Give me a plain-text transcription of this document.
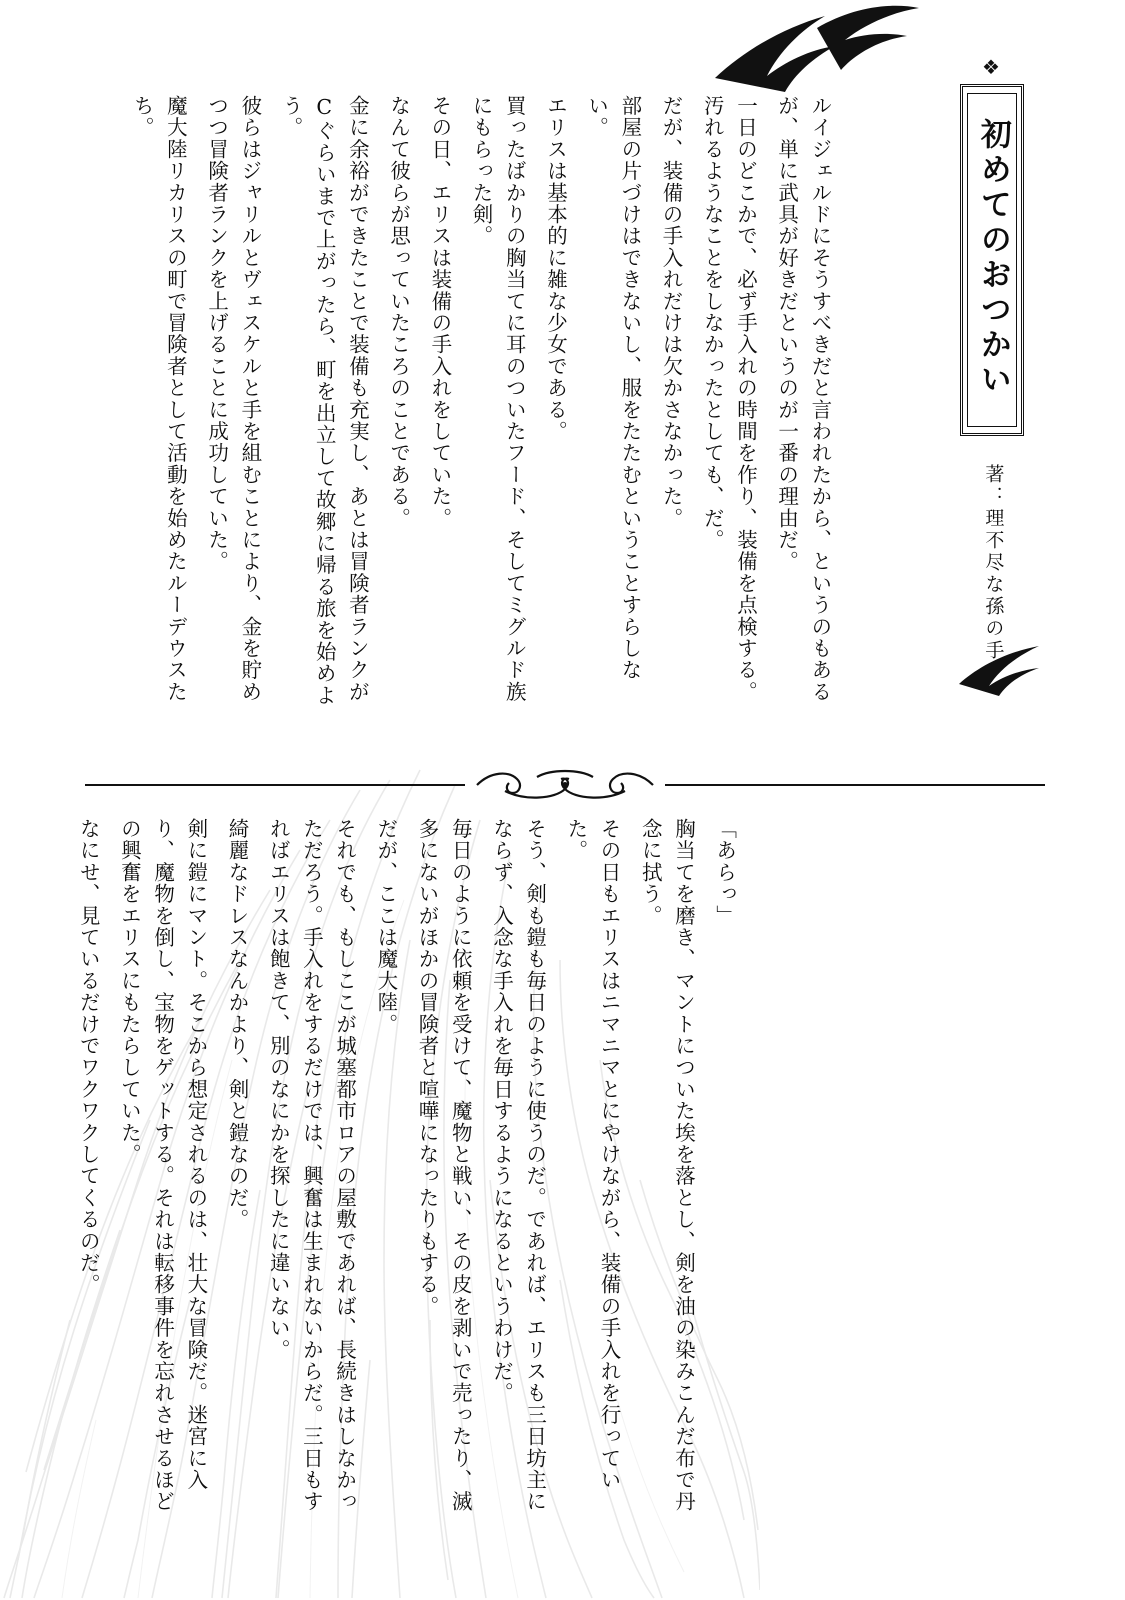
❖
初めてのおつかい
著：理不尽な孫の手
魔大陸リカリスの町で冒険者として活動を始めたルーデウスたち。	彼らはジャリルとヴェスケルと手を組むことにより、金を貯めつつ冒険者ランクを上げることに成功していた。	金に余裕ができたことで装備も充実し、あとは冒険者ランクがCぐらいまで上がったら、町を出立して故郷に帰る旅を始めよう。	なんて彼らが思っていたころのことである。 その日、エリスは装備の手入れをしていた。	買ったばかりの胸当てに耳のついたフード、そしてミグルド族にもらった剣。	エリスは基本的に雑な少女である。	部屋の片づけはできないし、服をたたむということすらしない。	だが、装備の手入れだけは欠かさなかった。	一日のどこかで、必ず手入れの時間を作り、装備を点検する。汚れるようなことをしなかったとしても、だ。	ルイジェルドにそうすべきだと言われたから、というのもあるが、単に武具が好きだというのが一番の理由だ。
なにせ、見ているだけでワクワクしてくるのだ。	剣に鎧にマント。そこから想定されるのは、壮大な冒険だ。迷宮に入り、魔物を倒し、宝物をゲットする。それは転移事件を忘れさせるほどの興奮をエリスにもたらしていた。	綺麗なドレスなんかより、剣と鎧なのだ。	それでも、もしここが城塞都市ロアの屋敷であれば、長続きはしなかっただろう。手入れをするだけでは、興奮は生まれないからだ。三日もすればエリスは飽きて、別のなにかを探したに違いない。	だが、ここは魔大陸。	毎日のように依頼を受けて、魔物と戦い、その皮を剥いで売ったり、滅多にないがほかの冒険者と喧嘩になったりもする。	そう、剣も鎧も毎日のように使うのだ。であれば、エリスも三日坊主にならず、入念な手入れを毎日するようになるというわけだ。	その日もエリスはニマニマとにやけながら、装備の手入れを行っていた。	胸当てを磨き、マントについた埃を落とし、剣を油の染みこんだ布で丹念に拭う。	「あらっ」
